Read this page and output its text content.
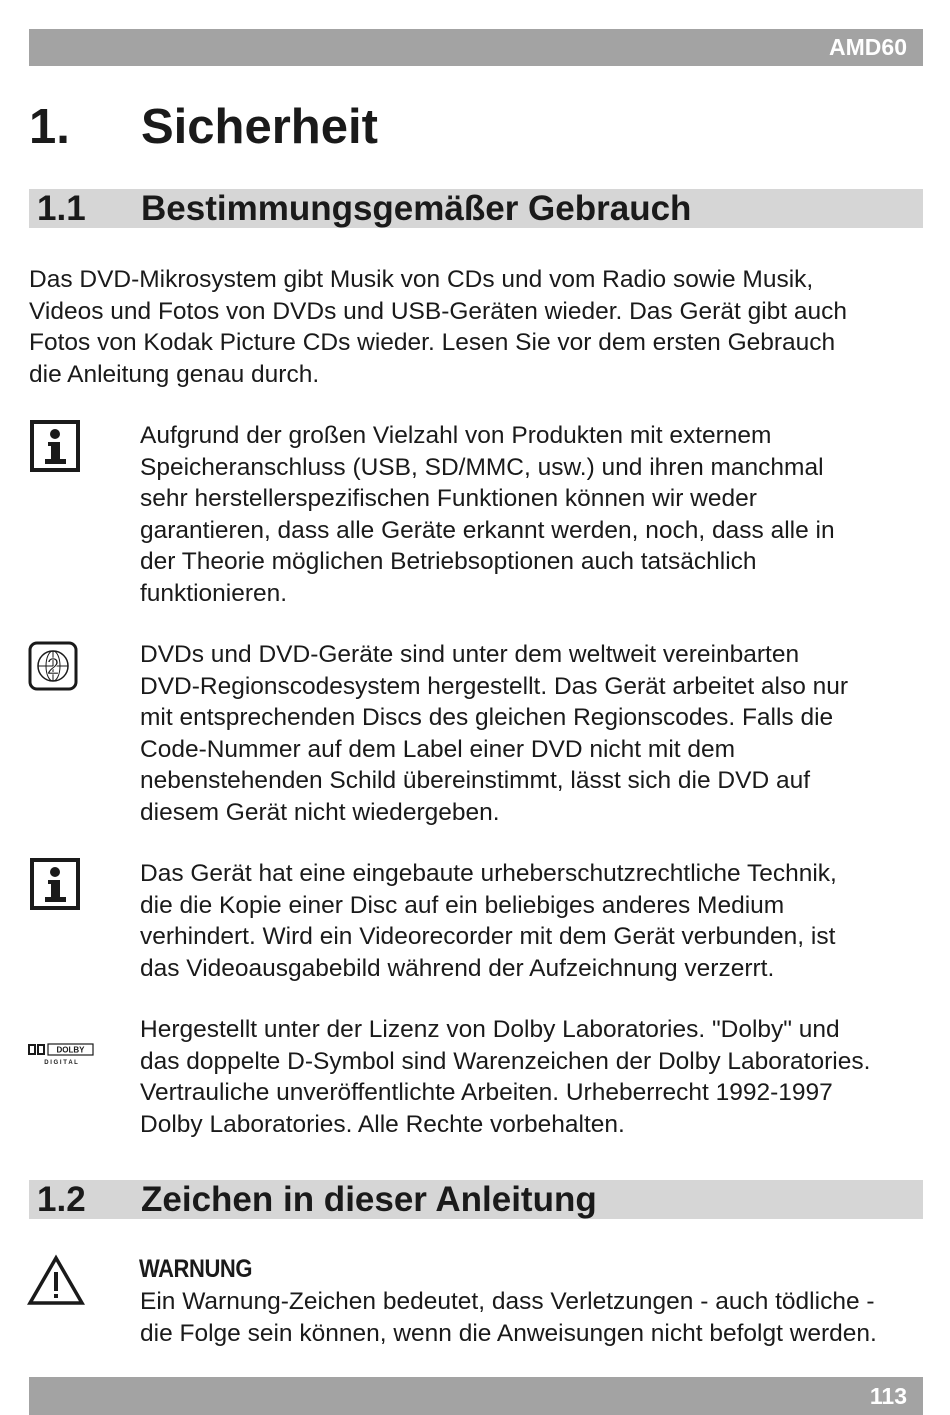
AMD60
1. Sicherheit
1.1 Bestimmungsgemäßer Gebrauch
Das DVD-Mikrosystem gibt Musik von CDs und vom Radio sowie Musik,
Videos und Fotos von DVDs und USB-Geräten wieder. Das Gerät gibt auch
Fotos von Kodak Picture CDs wieder. Lesen Sie vor dem ersten Gebrauch
die Anleitung genau durch.
Aufgrund der großen Vielzahl von Produkten mit externem
Speicheranschluss (USB, SD/MMC, usw.) und ihren manchmal
sehr herstellerspezifischen Funktionen können wir weder
garantieren, dass alle Geräte erkannt werden, noch, dass alle in
der Theorie möglichen Betriebsoptionen auch tatsächlich
funktionieren.
2	DVDs und DVD-Geräte sind unter dem weltweit vereinbarten
DVD-Regionscodesystem hergestellt. Das Gerät arbeitet also nur
mit entsprechenden Discs des gleichen Regionscodes. Falls die
Code-Nummer auf dem Label einer DVD nicht mit dem
nebenstehenden Schild übereinstimmt, lässt sich die DVD auf
diesem Gerät nicht wiedergeben.
Das Gerät hat eine eingebaute urheberschutzrechtliche Technik,
die die Kopie einer Disc auf ein beliebiges anderes Medium
verhindert. Wird ein Videorecorder mit dem Gerät verbunden, ist
das Videoausgabebild während der Aufzeichnung verzerrt.
DOLBY
D I G I T A L
Hergestellt unter der Lizenz von Dolby Laboratories. "Dolby" und
das doppelte D-Symbol sind Warenzeichen der Dolby Laboratories.
Vertrauliche unveröffentlichte Arbeiten. Urheberrecht 1992-1997
Dolby Laboratories. Alle Rechte vorbehalten.
1.2 Zeichen in dieser Anleitung
WARNUNG
Ein Warnung-Zeichen bedeutet, dass Verletzungen - auch tödliche -
die Folge sein können, wenn die Anweisungen nicht befolgt werden.
113
